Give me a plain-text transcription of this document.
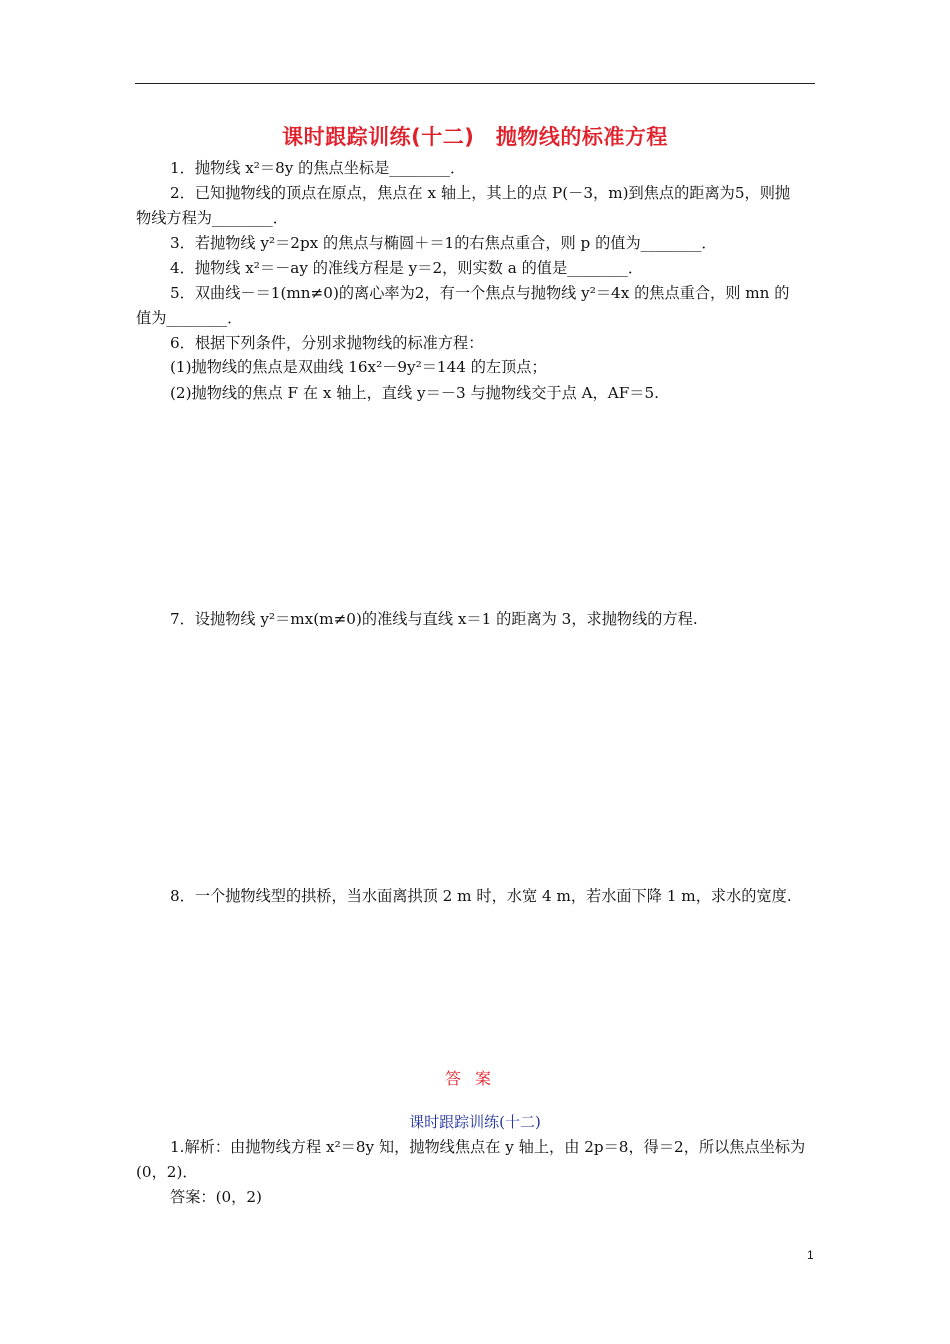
课时跟踪训练(十二)　抛物线的标准方程
1．抛物线 x²＝8y 的焦点坐标是________．
2．已知抛物线的顶点在原点，焦点在 x 轴上，其上的点 P(－3，m)到焦点的距离为5，则抛
物线方程为________．
3．若抛物线 y²＝2px 的焦点与椭圆＋＝1的右焦点重合，则 p 的值为________．
4．抛物线 x²＝－ay 的准线方程是 y＝2，则实数 a 的值是________．
5．双曲线－＝1(mn≠0)的离心率为2，有一个焦点与抛物线 y²＝4x 的焦点重合，则 mn 的
值为________．
6．根据下列条件，分别求抛物线的标准方程：
(1)抛物线的焦点是双曲线 16x²－9y²＝144 的左顶点；
(2)抛物线的焦点 F 在 x 轴上，直线 y＝－3 与抛物线交于点 A，AF＝5.
7．设抛物线 y²＝mx(m≠0)的准线与直线 x＝1 的距离为 3，求抛物线的方程.
8．一个抛物线型的拱桥，当水面离拱顶 2 m 时，水宽 4 m，若水面下降 1 m，求水的宽度.
答案
课时跟踪训练(十二)
1.解析：由抛物线方程 x²＝8y 知，抛物线焦点在 y 轴上，由 2p＝8，得＝2，所以焦点坐标为
(0，2)．
答案：(0，2)
1
